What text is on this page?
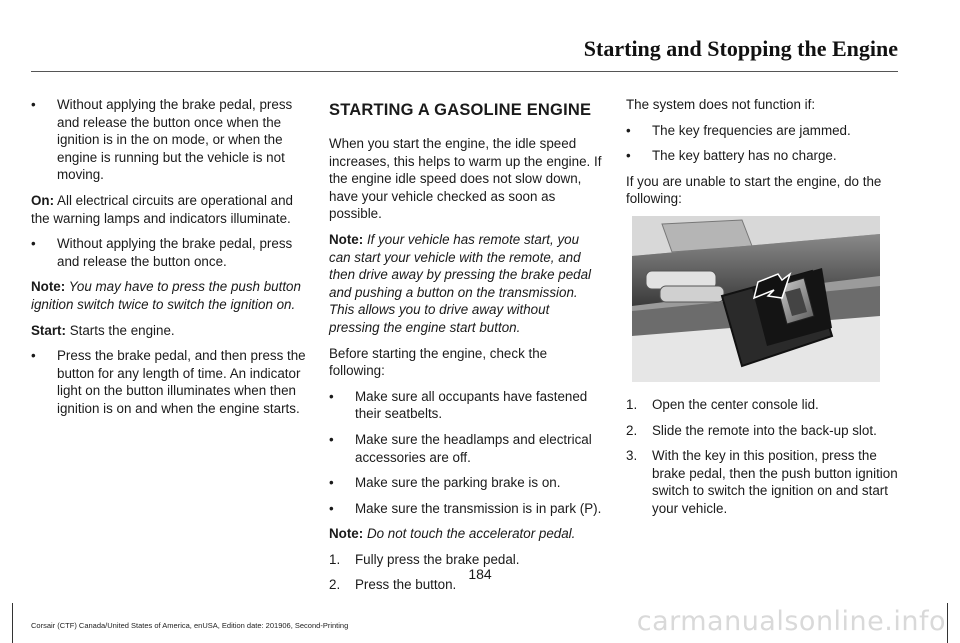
Starting and Stopping the Engine
• Without applying the brake pedal, press and release the button once when the ignition is in the on mode, or when the engine is running but the vehicle is not moving.
On: All electrical circuits are operational and the warning lamps and indicators illuminate.
• Without applying the brake pedal, press and release the button once.
Note: You may have to press the push button ignition switch twice to switch the ignition on.
Start: Starts the engine.
• Press the brake pedal, and then press the button for any length of time. An indicator light on the button illuminates when then ignition is on and when the engine starts.
STARTING A GASOLINE ENGINE
When you start the engine, the idle speed increases, this helps to warm up the engine. If the engine idle speed does not slow down, have your vehicle checked as soon as possible.
Note: If your vehicle has remote start, you can start your vehicle with the remote, and then drive away by pressing the brake pedal and pushing a button on the transmission. This allows you to drive away without pressing the engine start button.
Before starting the engine, check the following:
• Make sure all occupants have fastened their seatbelts.
• Make sure the headlamps and electrical accessories are off.
• Make sure the parking brake is on.
• Make sure the transmission is in park (P).
Note: Do not touch the accelerator pedal.
1. Fully press the brake pedal.
2. Press the button.
The system does not function if:
• The key frequencies are jammed.
• The key battery has no charge.
If you are unable to start the engine, do the following:
1. Open the center console lid.
2. Slide the remote into the back-up slot.
3. With the key in this position, press the brake pedal, then the push button ignition switch to switch the ignition on and start your vehicle.
184
Corsair (CTF) Canada/United States of America, enUSA, Edition date: 201906, Second-Printing	carmanualsonline.info
